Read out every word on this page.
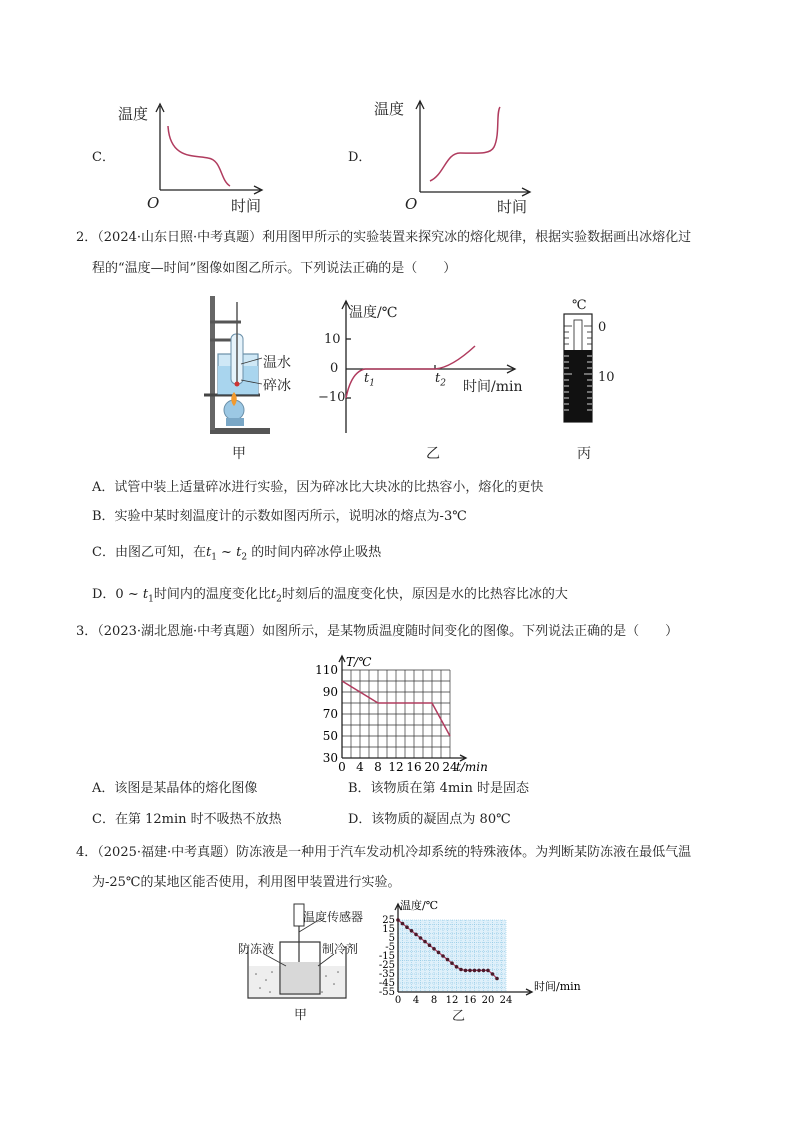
C．
温度
O	时间
D．
温度
O	时间
2．（2024·山东日照·中考真题）利用图甲所示的实验装置来探究冰的熔化规律，根据实验数据画出冰熔化过
程的“温度—时间”图像如图乙所示。下列说法正确的是（　　）
温水
碎冰
甲
温度/℃
10
0
−10
$t_1$	$t_2$ 时间/min
乙
℃
0
10
丙
A．试管中装上适量碎冰进行实验，因为碎冰比大块冰的比热容小，熔化的更快
B．实验中某时刻温度计的示数如图丙所示，说明冰的熔点为-3℃
C．由图乙可知，在$t_1$ ~ $t_2$ 的时间内碎冰停止吸热
D．0 ~ $t_1$时间内的温度变化比$t_2$时刻后的温度变化快，原因是水的比热容比冰的大
3．（2023·湖北恩施·中考真题）如图所示，是某物质温度随时间变化的图像。下列说法正确的是（　　）
30
50
70
90
110
0 4 8 12 16 20 24
T/℃
t/min
A．该图是某晶体的熔化图像	B．该物质在第 4min 时是固态
C．在第 12min 时不吸热不放热	D．该物质的凝固点为 80℃
4．（2025·福建·中考真题）防冻液是一种用于汽车发动机冷却系统的特殊液体。为判断某防冻液在最低气温
为-25℃的某地区能否使用，利用图甲装置进行实验。
温度传感器
防冻液	制冷剂
甲
25
5
-15
-35
-55
15
-5
-25
-45
0 4 8 12 16 20 24
温度/℃
时间/min
乙
